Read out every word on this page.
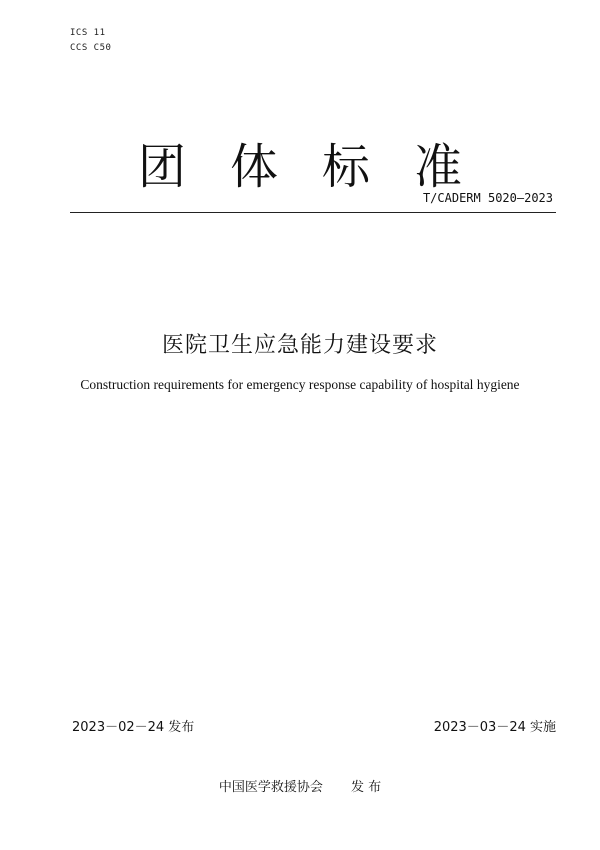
ICS 11
CCS C50
团体标准
T/CADERM 5020—2023
医院卫生应急能力建设要求
Construction requirements for emergency response capability of hospital hygiene
2023－02－24 发布	2023－03－24 实施
中国医学救援协会 发 布
